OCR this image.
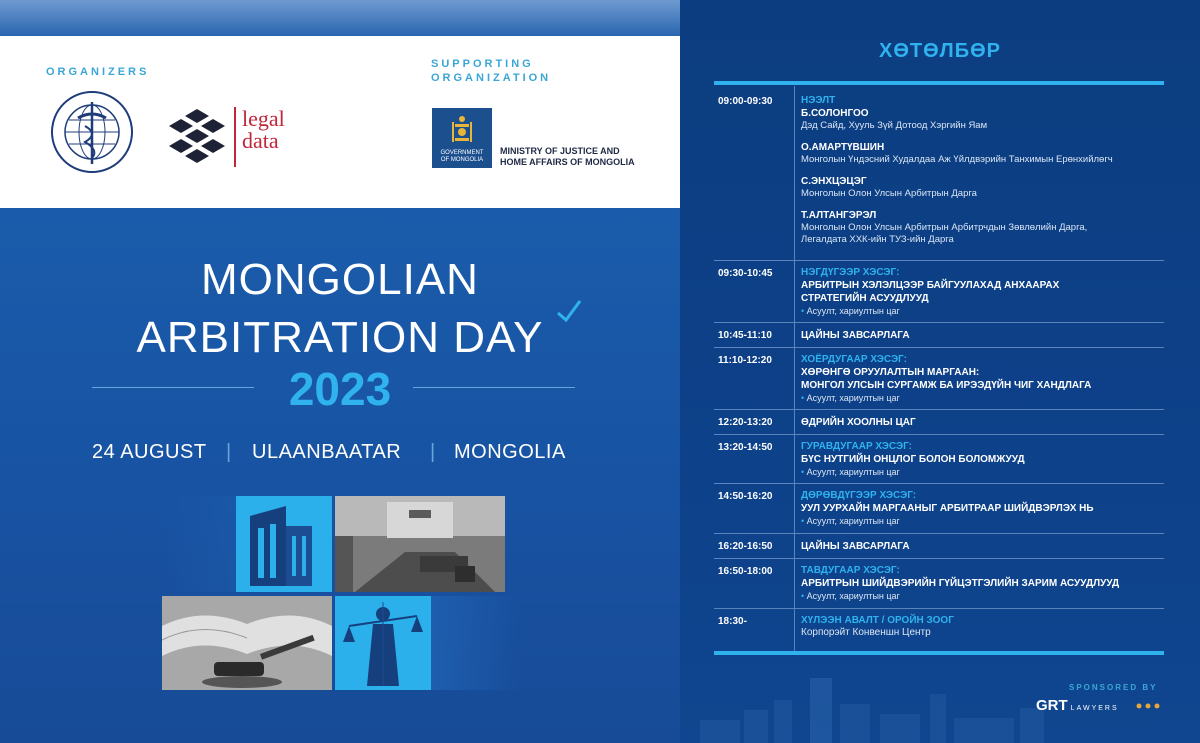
ORGANIZERS
SUPPORTING
ORGANIZATION
legal
data	GOVERNMENT
OF MONGOLIA
MINISTRY OF JUSTICE AND
HOME AFFAIRS OF MONGOLIA
MONGOLIAN
ARBITRATION DAY
2023
24 AUGUST | ULAANBAATAR | MONGOLIA
ХӨТӨЛБӨР
09:00-09:30	НЭЭЛТ
Б.СОЛОНГОО
Дэд Сайд, Хууль Зүй Дотоод Хэргийн Яам
О.АМАРТҮВШИН
Монголын Үндэсний Худалдаа Аж Үйлдвэрийн Танхимын Ерөнхийлөгч
С.ЭНХЦЭЦЭГ
Монголын Олон Улсын Арбитрын Дарга
Т.АЛТАНГЭРЭЛ
Монголын Олон Улсын Арбитрын Арбитрчдын Зөвлөлийн Дарга,
Легалдата ХХК-ийн ТУЗ-ийн Дарга
09:30-10:45	НЭГДҮГЭЭР ХЭСЭГ:
АРБИТРЫН ХЭЛЭЛЦЭЭР БАЙГУУЛАХАД АНХААРАХ
СТРАТЕГИЙН АСУУДЛУУД
• Асуулт, хариултын цаг
10:45-11:10	ЦАЙНЫ ЗАВСАРЛАГА
11:10-12:20	ХОЁРДУГААР ХЭСЭГ:
ХӨРӨНГӨ ОРУУЛАЛТЫН МАРГААН:
МОНГОЛ УЛСЫН СУРГАМЖ БА ИРЭЭДҮЙН ЧИГ ХАНДЛАГА
• Асуулт, хариултын цаг
12:20-13:20	ӨДРИЙН ХООЛНЫ ЦАГ
13:20-14:50	ГУРАВДУГААР ХЭСЭГ:
БҮС НУТГИЙН ОНЦЛОГ БОЛОН БОЛОМЖУУД
• Асуулт, хариултын цаг
14:50-16:20	ДӨРӨВДҮГЭЭР ХЭСЭГ:
УУЛ УУРХАЙН МАРГААНЫГ АРБИТРААР ШИЙДВЭРЛЭХ НЬ
• Асуулт, хариултын цаг
16:20-16:50	ЦАЙНЫ ЗАВСАРЛАГА
16:50-18:00	ТАВДУГААР ХЭСЭГ:
АРБИТРЫН ШИЙДВЭРИЙН ГҮЙЦЭТГЭЛИЙН ЗАРИМ АСУУДЛУУД
• Асуулт, хариултын цаг
18:30-	ХҮЛЭЭН АВАЛТ / ОРОЙН ЗООГ
Корпорэйт Конвеншн Центр
SPONSORED BY
GRT LAWYERS
